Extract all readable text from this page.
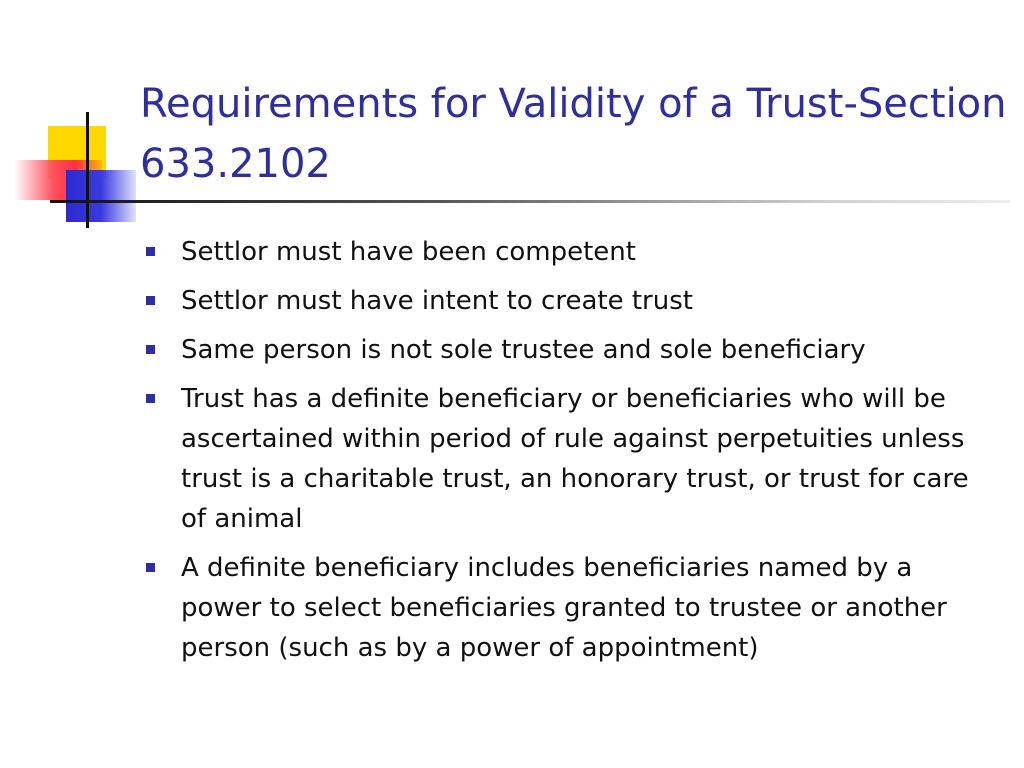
Requirements for Validity of a Trust-Section 633.2102
Settlor must have been competent
Settlor must have intent to create trust
Same person is not sole trustee and sole beneficiary
Trust has a definite beneficiary or beneficiaries who will be ascertained within period of rule against perpetuities unless trust is a charitable trust, an honorary trust, or trust for care of animal
A definite beneficiary includes beneficiaries named by a power to select beneficiaries granted to trustee or another person (such as by a power of appointment)
